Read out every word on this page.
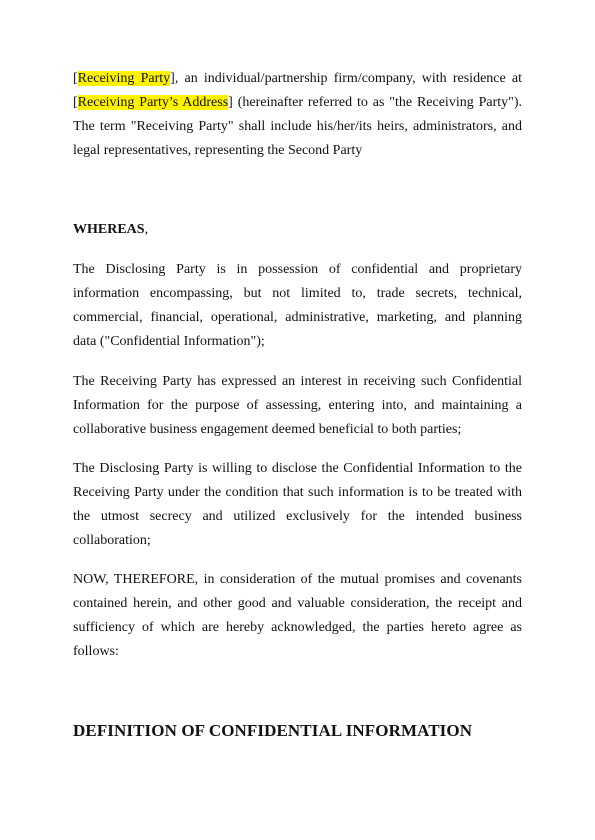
[Receiving Party], an individual/partnership firm/company, with residence at [Receiving Party’s Address] (hereinafter referred to as "the Receiving Party"). The term "Receiving Party" shall include his/her/its heirs, administrators, and legal representatives, representing the Second Party

WHEREAS,

The Disclosing Party is in possession of confidential and proprietary information encompassing, but not limited to, trade secrets, technical, commercial, financial, operational, administrative, marketing, and planning data ("Confidential Information");

The Receiving Party has expressed an interest in receiving such Confidential Information for the purpose of assessing, entering into, and maintaining a collaborative business engagement deemed beneficial to both parties;

The Disclosing Party is willing to disclose the Confidential Information to the Receiving Party under the condition that such information is to be treated with the utmost secrecy and utilized exclusively for the intended business collaboration;

NOW, THEREFORE, in consideration of the mutual promises and covenants contained herein, and other good and valuable consideration, the receipt and sufficiency of which are hereby acknowledged, the parties hereto agree as follows:

DEFINITION OF CONFIDENTIAL INFORMATION
